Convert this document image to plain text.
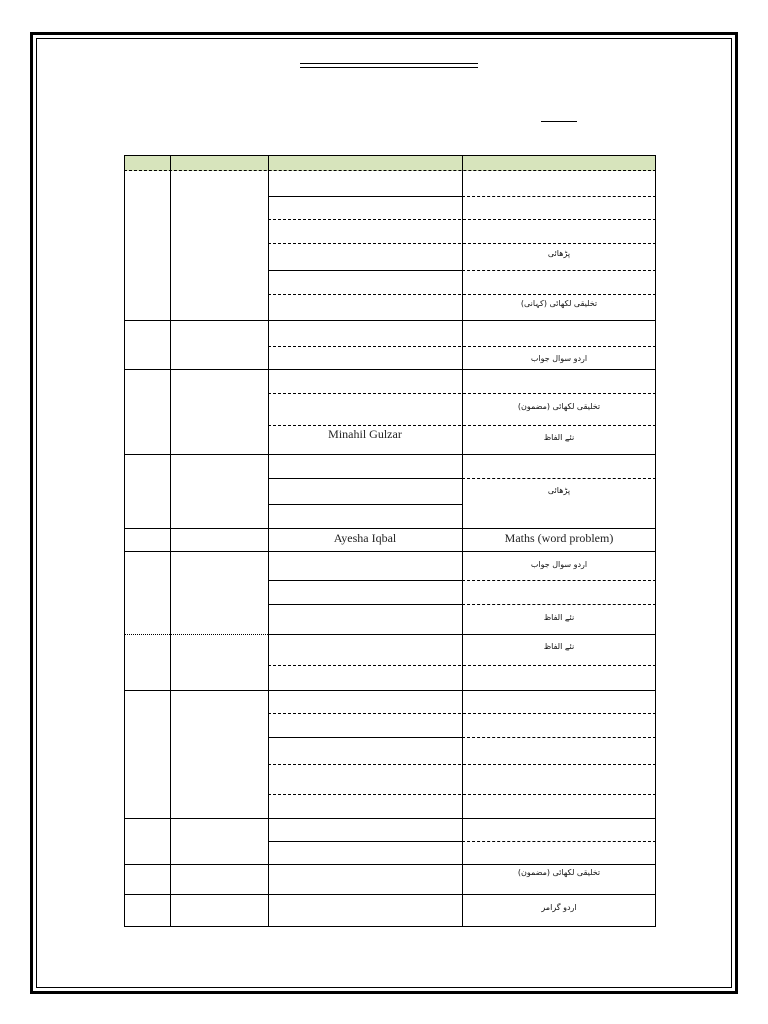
پڑھائی
تخلیقی لکھائی (کہانی)
اردو سوال جواب
تخلیقی لکھائی (مضمون)
Minahil Gulzar	نئے الفاظ
پڑھائی
Ayesha Iqbal	Maths (word problem)
اردو سوال جواب
نئے الفاظ
نئے الفاظ
تخلیقی لکھائی (مضمون)
اردو گرامر
